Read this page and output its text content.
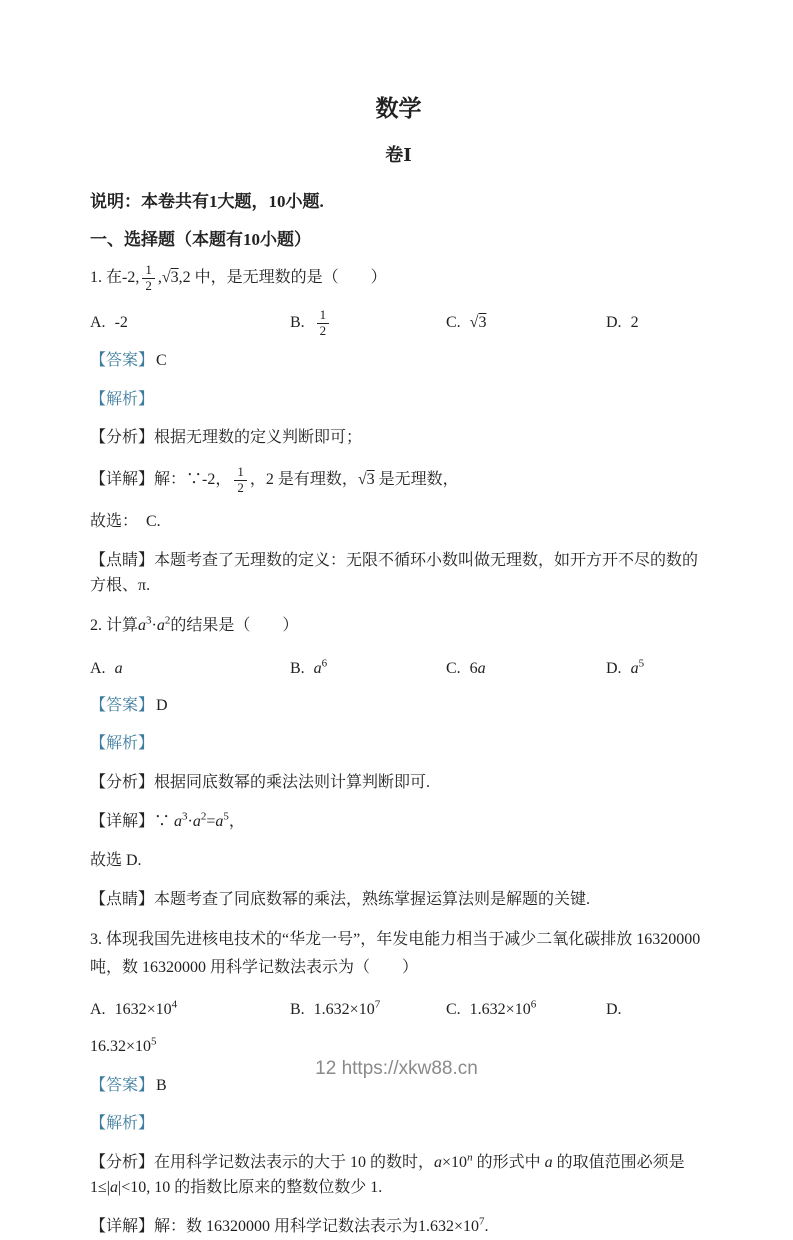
数学
卷Ⅰ

说明：本卷共有1大题，10小题.

一、选择题（本题有10小题）

1. 在-2, $\frac{1}{2} ,√3,2$ 中，是无理数的是（　　）

A. -2	B. $\frac{1}{2}$	C. √3	D. 2

【答案】 C

【解析】

【分析】根据无理数的定义判断即可；

【详解】解：∵-2， $\frac{1}{2}$ ，2 是有理数，√3 是无理数，

故选：  C.

【点睛】本题考查了无理数的定义：无限不循环小数叫做无理数，如开方开不尽的数的方根、π.

2. 计算$a^3\cdot a^2$的结果是（　　）

A. a	B. $a^6$	C. 6a	D. $a^5$

【答案】 D

【解析】

【分析】根据同底数幂的乘法法则计算判断即可.

【详解】∵ $a^3\cdot a^2=a^5$，

故选 D.

【点睛】本题考查了同底数幂的乘法，熟练掌握运算法则是解题的关键.

3. 体现我国先进核电技术的“华龙一号”，年发电能力相当于减少二氧化碳排放 16320000 吨，数 16320000 用科学记数法表示为（　　）

A. $1632\times 10^4$	B. $1.632\times 10^7$	C. $1.632\times 10^6$	D.

$16.32\times 10^5$

【答案】 B

【解析】

【分析】在用科学记数法表示的大于 10 的数时，$a\times 10^n$ 的形式中 a 的取值范围必须是 1≤|a|<10, 10 的指数比原来的整数位数少 1.

【详解】解：数 16320000 用科学记数法表示为$1.632\times 10^7$.

12 https://xkw88.cn
